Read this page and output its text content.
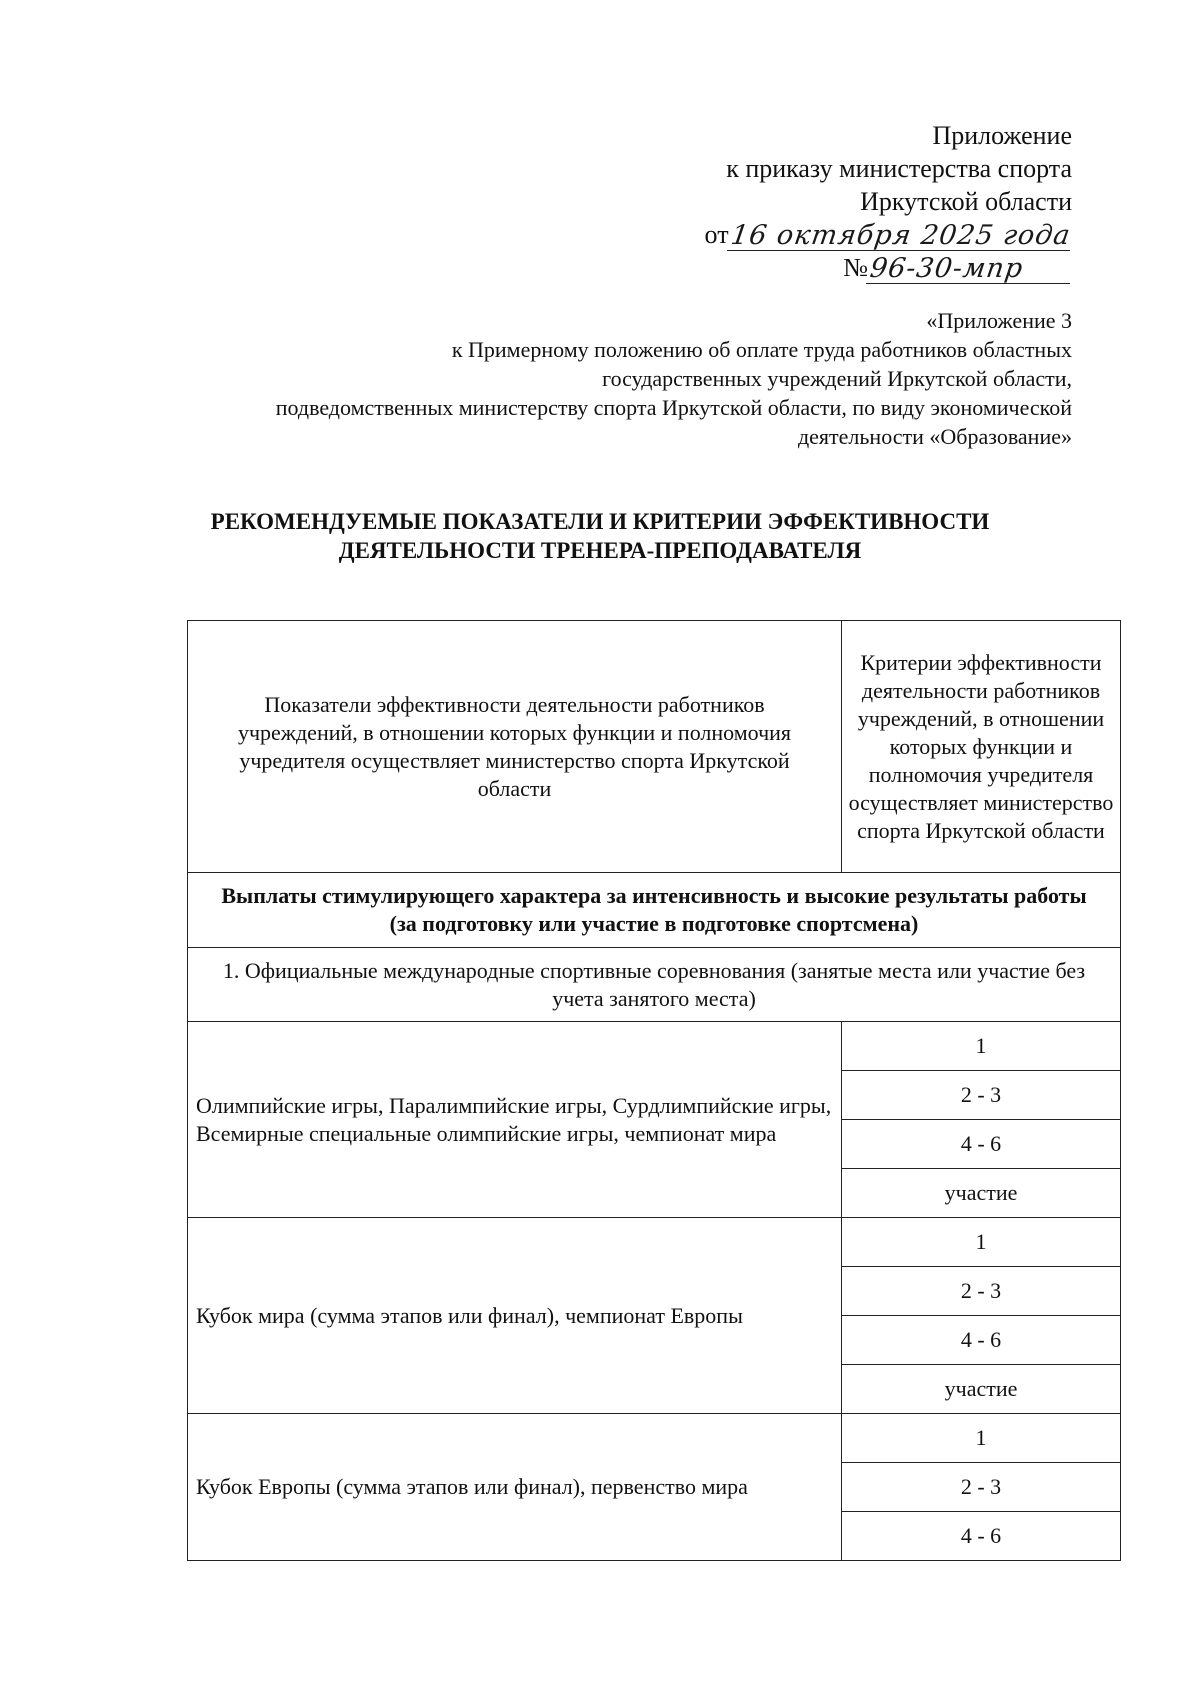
Приложение
к приказу министерства спорта
Иркутской области
от 16 октября 2025 года
№ 96-30-мпр
«Приложение 3
к Примерному положению об оплате труда работников областных
государственных учреждений Иркутской области,
подведомственных министерству спорта Иркутской области, по виду экономической
деятельности «Образование»
РЕКОМЕНДУЕМЫЕ ПОКАЗАТЕЛИ И КРИТЕРИИ ЭФФЕКТИВНОСТИ
ДЕЯТЕЛЬНОСТИ ТРЕНЕРА-ПРЕПОДАВАТЕЛЯ
Показатели эффективности деятельности работников учреждений, в отношении которых функции и полномочия учредителя осуществляет министерство спорта Иркутской области	Критерии эффективности деятельности работников учреждений, в отношении которых функции и полномочия учредителя осуществляет министерство спорта Иркутской области
Выплаты стимулирующего характера за интенсивность и высокие результаты работы (за подготовку или участие в подготовке спортсмена)	
1. Официальные международные спортивные соревнования (занятые места или участие без учета занятого места)	
Олимпийские игры, Паралимпийские игры, Сурдлимпийские игры, Всемирные специальные олимпийские игры, чемпионат мира	1
	2 - 3
	4 - 6
	участие
Кубок мира (сумма этапов или финал), чемпионат Европы	1
	2 - 3
	4 - 6
	участие
Кубок Европы (сумма этапов или финал), первенство мира	1
	2 - 3
	4 - 6
